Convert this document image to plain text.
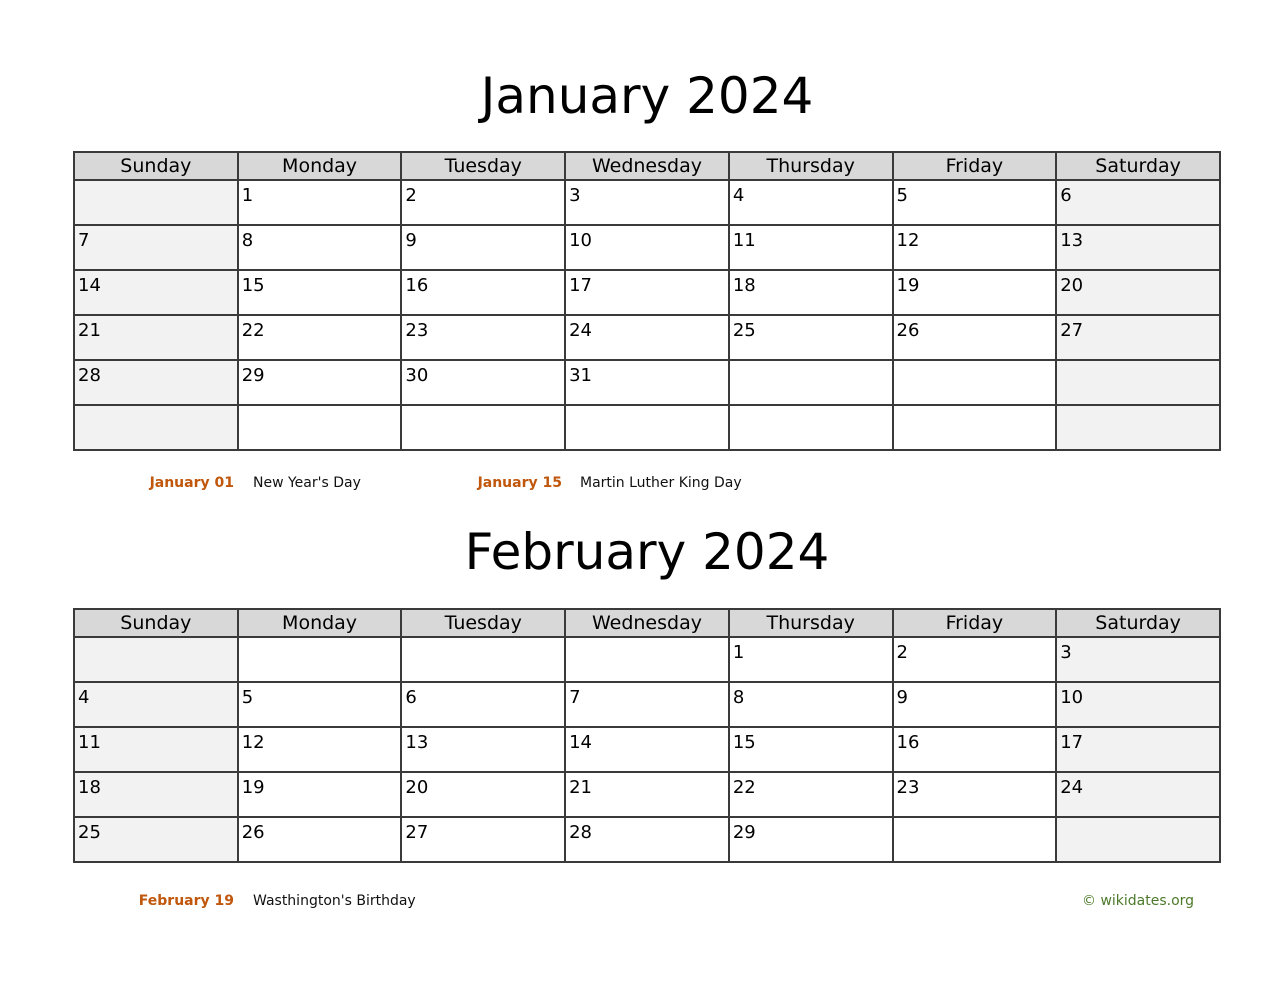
January 2024
Sunday	Monday	Tuesday	Wednesday	Thursday	Friday	Saturday
	1	2	3	4	5	6
7	8	9	10	11	12	13
14	15	16	17	18	19	20
21	22	23	24	25	26	27
28	29	30	31			

January 01 New Year's Day	January 15 Martin Luther King Day
February 2024
Sunday	Monday	Tuesday	Wednesday	Thursday	Friday	Saturday
				1	2	3
4	5	6	7	8	9	10
11	12	13	14	15	16	17
18	19	20	21	22	23	24
25	26	27	28	29		
February 19 Wasthington's Birthday	© wikidates.org
